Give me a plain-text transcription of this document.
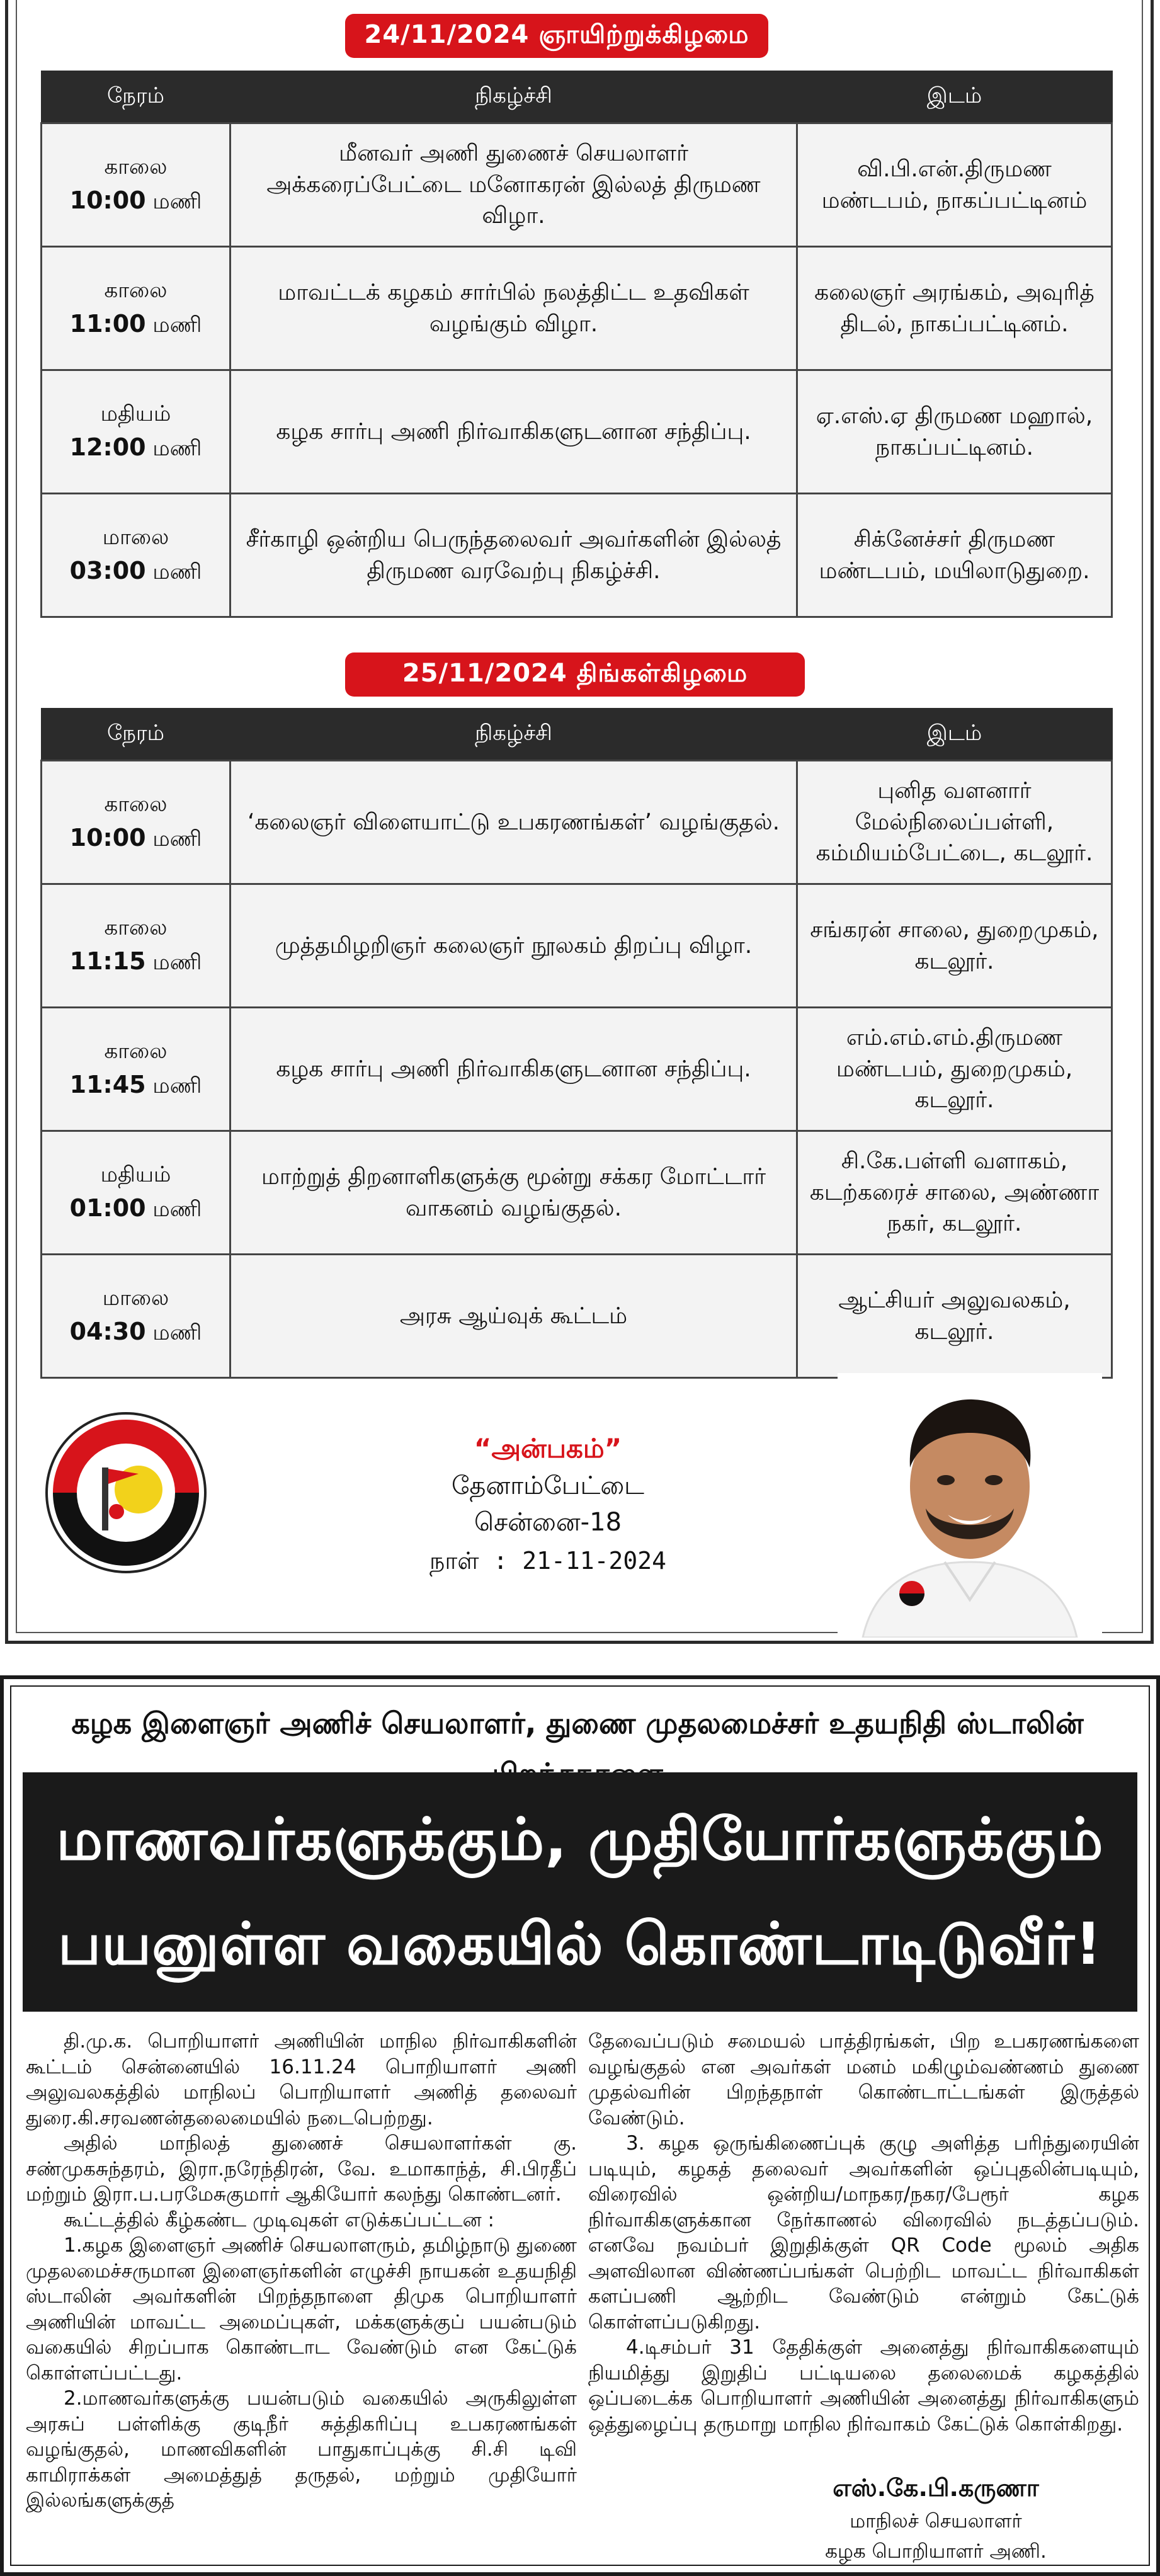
24/11/2024 ஞாயிற்றுக்கிழமை
நேரம்	நிகழ்ச்சி	இடம்

காலை
10:00 மணி	மீனவர் அணி துணைச் செயலாளர் அக்கரைப்பேட்டை மனோகரன் இல்லத் திருமண விழா.	வி.பி.என்.திருமண மண்டபம், நாகப்பட்டினம்

காலை
11:00 மணி	மாவட்டக் கழகம் சார்பில் நலத்திட்ட உதவிகள் வழங்கும் விழா.	கலைஞர் அரங்கம், அவுரித் திடல், நாகப்பட்டினம்.

மதியம்
12:00 மணி	கழக சார்பு அணி நிர்வாகிகளுடனான சந்திப்பு.	ஏ.எஸ்.ஏ திருமண மஹால், நாகப்பட்டினம்.

மாலை
03:00 மணி	சீர்காழி ஒன்றிய பெருந்தலைவர் அவர்களின் இல்லத் திருமண வரவேற்பு நிகழ்ச்சி.	சிக்னேச்சர் திருமண மண்டபம், மயிலாடுதுறை.
25/11/2024 திங்கள்கிழமை
நேரம்	நிகழ்ச்சி	இடம்

காலை
10:00 மணி	‘கலைஞர் விளையாட்டு உபகரணங்கள்’ வழங்குதல்.	புனித வளனார் மேல்நிலைப்பள்ளி, கம்மியம்பேட்டை, கடலூர்.

காலை
11:15 மணி	முத்தமிழறிஞர் கலைஞர் நூலகம் திறப்பு விழா.	சங்கரன் சாலை, துறைமுகம், கடலூர்.

காலை
11:45 மணி	கழக சார்பு அணி நிர்வாகிகளுடனான சந்திப்பு.	எம்.எம்.எம்.திருமண மண்டபம், துறைமுகம், கடலூர்.

மதியம்
01:00 மணி	மாற்றுத் திறனாளிகளுக்கு மூன்று சக்கர மோட்டார் வாகனம் வழங்குதல்.	சி.கே.பள்ளி வளாகம், கடற்கரைச் சாலை, அண்ணா நகர், கடலூர்.

மாலை
04:30 மணி	அரசு ஆய்வுக் கூட்டம்	ஆட்சியர் அலுவலகம், கடலூர்.
“அன்பகம்”
தேனாம்பேட்டை
சென்னை-18
நாள் : 21-11-2024
கழக இளைஞர் அணிச் செயலாளர், துணை முதலமைச்சர் உதயநிதி ஸ்டாலின்
மாணவர்களுக்கும், முதியோர்களுக்கும்
பயனுள்ள வகையில் கொண்டாடிடுவீர்!

தி.மு.க. பொறியாளர் அணியின் மாநில நிர்வாகிகளின் கூட்டம் சென்னையில் 16.11.24 பொறியாளர் அணி அலுவலகத்தில் மாநிலப் பொறியாளர் அணித் தலைவர் துரை.கி.சரவணன்தலைமையில் நடைபெற்றது.

அதில் மாநிலத் துணைச் செயலாளர்கள் கு. சண்முகசுந்தரம், இரா.நரேந்திரன், வே. உமாகாந்த், சி.பிரதீப் மற்றும் இரா.ப.பரமேசுகுமார் ஆகியோர் கலந்து கொண்டனர்.

கூட்டத்தில் கீழ்கண்ட முடிவுகள் எடுக்கப்பட்டன :

1.கழக இளைஞர் அணிச் செயலாளரும், தமிழ்நாடு துணை முதலமைச்சருமான இளைஞர்களின் எழுச்சி நாயகன் உதயநிதி ஸ்டாலின் அவர்களின் பிறந்தநாளை திமுக பொறியாளர் அணியின் மாவட்ட அமைப்புகள், மக்களுக்குப் பயன்படும் வகையில் சிறப்பாக கொண்டாட வேண்டும் என கேட்டுக் கொள்ளப்பட்டது.

2.மாணவர்களுக்கு பயன்படும் வகையில் அருகிலுள்ள அரசுப் பள்ளிக்கு குடிநீர் சுத்திகரிப்பு உபகரணங்கள் வழங்குதல், மாணவிகளின் பாதுகாப்புக்கு சி.சி டிவி காமிராக்கள் அமைத்துத் தருதல், மற்றும் முதியோர் இல்லங்களுக்குத்

தேவைப்படும் சமையல் பாத்திரங்கள், பிற உபகரணங்களை வழங்குதல் என அவர்கள் மனம் மகிழும்வண்ணம் துணை முதல்வரின் பிறந்தநாள் கொண்டாட்டங்கள் இருத்தல் வேண்டும்.

3. கழக ஒருங்கிணைப்புக் குழு அளித்த பரிந்துரையின் படியும், கழகத் தலைவர் அவர்களின் ஒப்புதலின்படியும், விரைவில் ஒன்றிய/மாநகர/நகர/பேரூர் கழக நிர்வாகிகளுக்கான நேர்காணல் விரைவில் நடத்தப்படும். எனவே நவம்பர் இறுதிக்குள் QR Code மூலம் அதிக அளவிலான விண்ணப்பங்கள் பெற்றிட மாவட்ட நிர்வாகிகள் களப்பணி ஆற்றிட வேண்டும் என்றும் கேட்டுக் கொள்ளப்படுகிறது.

4.டிசம்பர் 31 தேதிக்குள் அனைத்து நிர்வாகிகளையும் நியமித்து இறுதிப் பட்டியலை தலைமைக் கழகத்தில் ஒப்படைக்க பொறியாளர் அணியின் அனைத்து நிர்வாகிகளும் ஒத்துழைப்பு தருமாறு மாநில நிர்வாகம் கேட்டுக் கொள்கிறது.

எஸ்.கே.பி.கருணா
மாநிலச் செயலாளர்
கழக பொறியாளர் அணி.
